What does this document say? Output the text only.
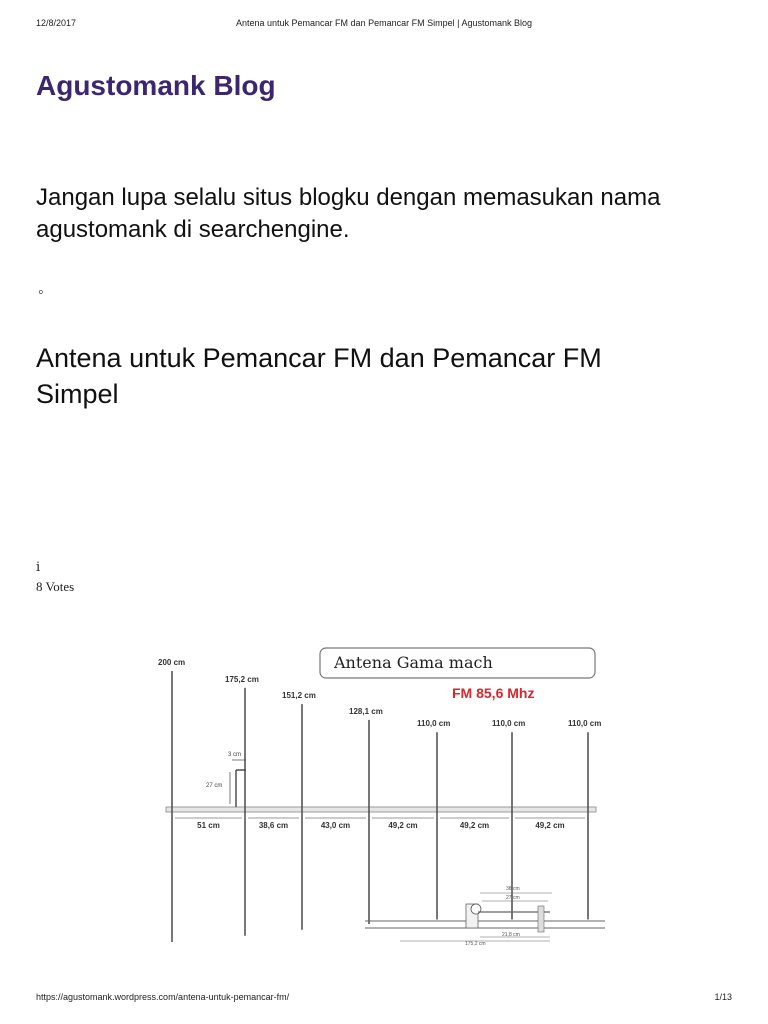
12/8/2017	Antena untuk Pemancar FM dan Pemancar FM Simpel | Agustomank Blog
Agustomank Blog

Jangan lupa selalu situs blogku dengan memasukan nama agustomank di searchengine.

◦
Antena untuk Pemancar FM dan Pemancar FM Simpel
i
8 Votes
Antena Gama mach
FM 85,6 Mhz
200 cm
175,2 cm
151,2 cm
128,1 cm
110,0 cm	110,0 cm	110,0 cm
51 cm	38,6 cm	43,0 cm	49,2 cm	49,2 cm	49,2 cm
3 cm
27 cm
38 cm
27 cm
21,8 cm
175,2 cm
https://agustomank.wordpress.com/antena-untuk-pemancar-fm/	1/13
